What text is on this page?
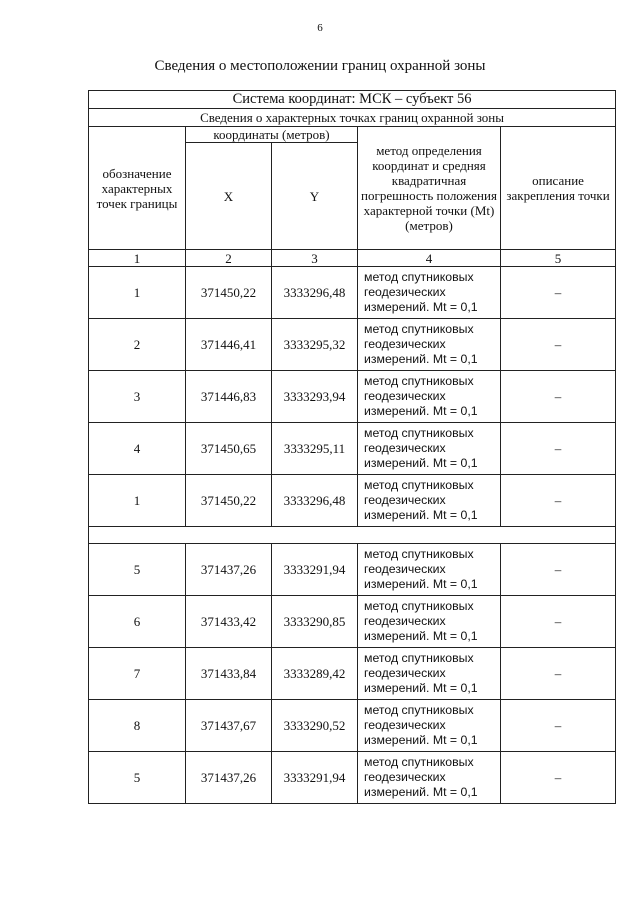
6
Сведения о местоположении границ охранной зоны
Система координат: МСК – субъект 56				
Сведения о характерных точках границ охранной зоны				
обозначение характерных точек границы	координаты (метров)		метод определения координат и средняя квадратичная погрешность положения характерной точки (Mt) (метров)	описание закрепления точки
	X	Y		
1	2	3	4	5
1	371450,22	3333296,48	метод спутниковых геодезических измерений. Mt = 0,1	–
2	371446,41	3333295,32	метод спутниковых геодезических измерений. Mt = 0,1	–
3	371446,83	3333293,94	метод спутниковых геодезических измерений. Mt = 0,1	–
4	371450,65	3333295,11	метод спутниковых геодезических измерений. Mt = 0,1	–
1	371450,22	3333296,48	метод спутниковых геодезических измерений. Mt = 0,1	–

5	371437,26	3333291,94	метод спутниковых геодезических измерений. Mt = 0,1	–
6	371433,42	3333290,85	метод спутниковых геодезических измерений. Mt = 0,1	–
7	371433,84	3333289,42	метод спутниковых геодезических измерений. Mt = 0,1	–
8	371437,67	3333290,52	метод спутниковых геодезических измерений. Mt = 0,1	–
5	371437,26	3333291,94	метод спутниковых геодезических измерений. Mt = 0,1	–
